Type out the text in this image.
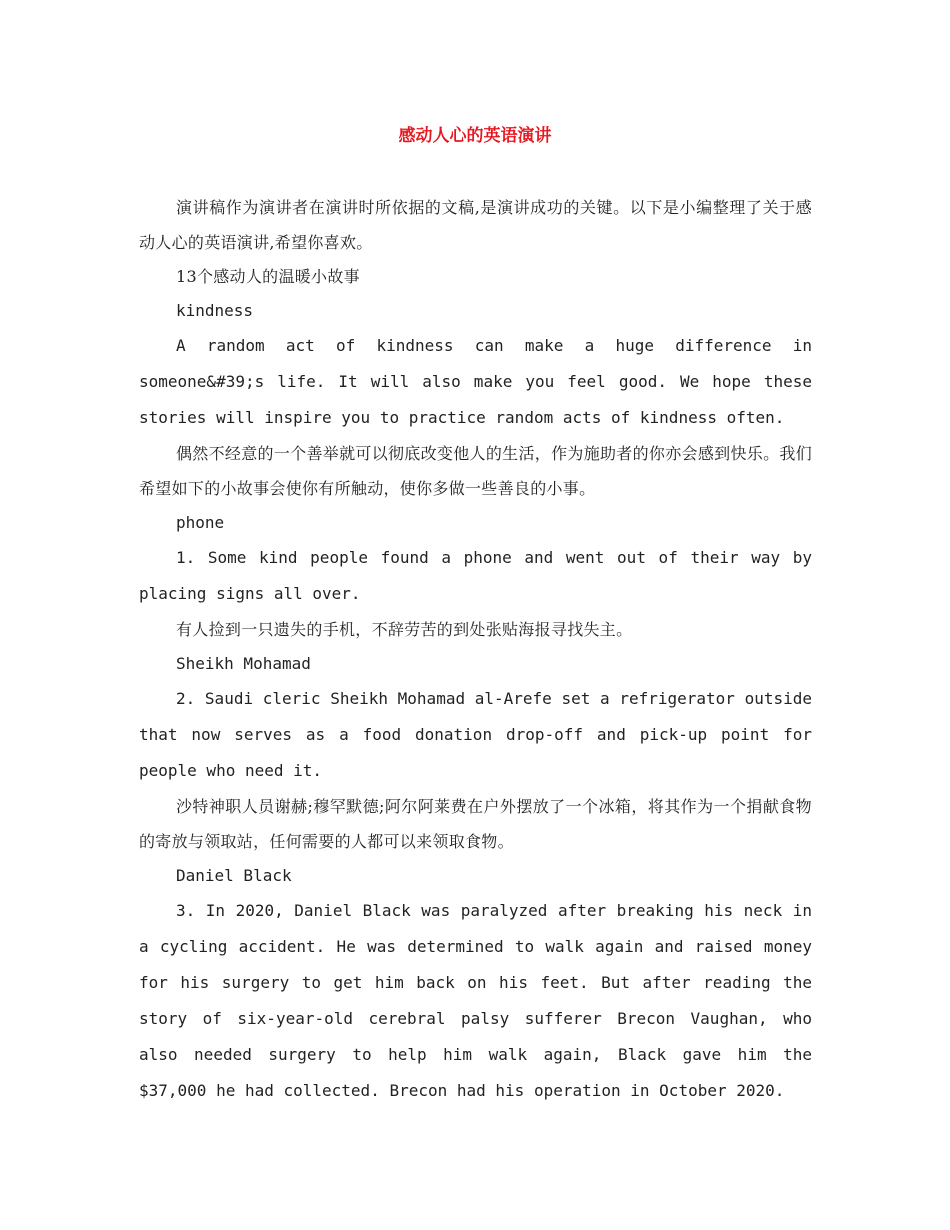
感动人心的英语演讲

演讲稿作为演讲者在演讲时所依据的文稿,是演讲成功的关键。以下是小编整理了关于感动人心的英语演讲,希望你喜欢。

13个感动人的温暖小故事

kindness

A random act of kindness can make a huge difference in someone&#39;s life. It will also make you feel good. We hope these stories will inspire you to practice random acts of kindness often.

偶然不经意的一个善举就可以彻底改变他人的生活，作为施助者的你亦会感到快乐。我们希望如下的小故事会使你有所触动，使你多做一些善良的小事。

phone

1. Some kind people found a phone and went out of their way by placing signs all over.

有人捡到一只遗失的手机，不辞劳苦的到处张贴海报寻找失主。

Sheikh Mohamad

2. Saudi cleric Sheikh Mohamad al-Arefe set a refrigerator outside that now serves as a food donation drop-off and pick-up point for people who need it.

沙特神职人员谢赫;穆罕默德;阿尔阿莱费在户外摆放了一个冰箱，将其作为一个捐献食物的寄放与领取站，任何需要的人都可以来领取食物。

Daniel Black

3. In 2020, Daniel Black was paralyzed after breaking his neck in a cycling accident. He was determined to walk again and raised money for his surgery to get him back on his feet. But after reading the story of six-year-old cerebral palsy sufferer Brecon Vaughan, who also needed surgery to help him walk again, Black gave him the $37,000 he had collected. Brecon had his operation in October 2020.
